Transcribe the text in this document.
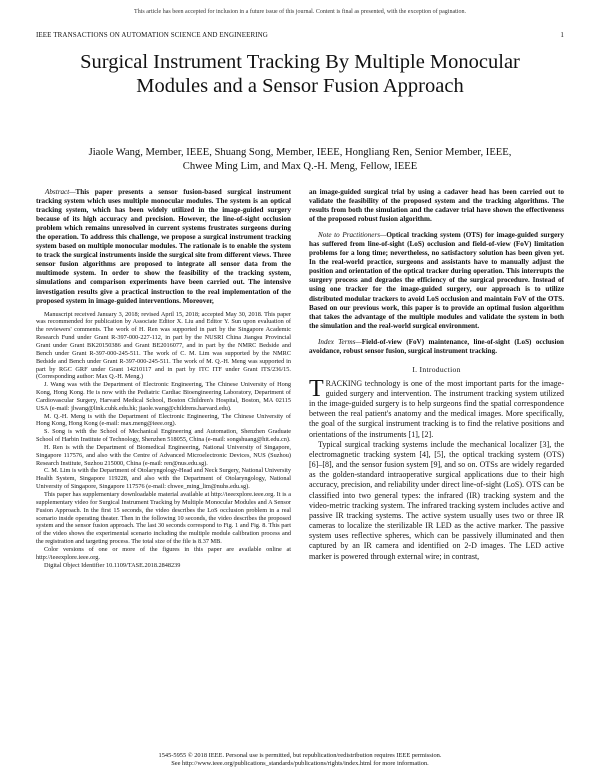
This article has been accepted for inclusion in a future issue of this journal. Content is final as presented, with the exception of pagination.
IEEE TRANSACTIONS ON AUTOMATION SCIENCE AND ENGINEERING	1
Surgical Instrument Tracking By Multiple Monocular Modules and a Sensor Fusion Approach
Jiaole Wang, Member, IEEE, Shuang Song, Member, IEEE, Hongliang Ren, Senior Member, IEEE,
Chwee Ming Lim, and Max Q.-H. Meng, Fellow, IEEE

Abstract—This paper presents a sensor fusion-based surgical instrument tracking system which uses multiple monocular modules. The system is an optical tracking system, which has been widely utilized in the image-guided surgery because of its high accuracy and precision. However, the line-of-sight occlusion problem which remains unresolved in current systems frustrates surgeons during the operation. To address this challenge, we propose a surgical instrument tracking system based on multiple monocular modules. The rationale is to enable the system to track the surgical instruments inside the surgical site from different views. Three sensor fusion algorithms are proposed to integrate all sensor data from the multimode system. In order to show the feasibility of the tracking system, simulations and comparison experiments have been carried out. The intensive investigation results give a practical instruction to the real implementation of the proposed system in image-guided interventions. Moreover,

Manuscript received January 3, 2018; revised April 15, 2018; accepted May 30, 2018. This paper was recommended for publication by Associate Editor X. Liu and Editor Y. Sun upon evaluation of the reviewers' comments. The work of H. Ren was supported in part by the Singapore Academic Research Fund under Grant R-397-000-227-112, in part by the NUSRI China Jiangsu Provincial Grant under Grant BK20150386 and Grant BE2016077, and in part by the NMRC Bedside and Bench under Grant R-397-000-245-511. The work of C. M. Lim was supported by the NMRC Bedside and Bench under Grant R-397-000-245-511. The work of M. Q.-H. Meng was supported in part by RGC GRF under Grant 14210117 and in part by ITC ITF under Grant ITS/236/15. (Corresponding author: Max Q.-H. Meng.)

J. Wang was with the Department of Electronic Engineering, The Chinese University of Hong Kong, Hong Kong. He is now with the Pediatric Cardiac Bioengineering Laboratory, Department of Cardiovascular Surgery, Harvard Medical School, Boston Children's Hospital, Boston, MA 02115 USA (e-mail: jlwang@link.cuhk.edu.hk; jiaole.wang@childrens.harvard.edu).

M. Q.-H. Meng is with the Department of Electronic Engineering, The Chinese University of Hong Kong, Hong Kong (e-mail: max.meng@ieee.org).

S. Song is with the School of Mechanical Engineering and Automation, Shenzhen Graduate School of Harbin Institute of Technology, Shenzhen 518055, China (e-mail: songshuang@hit.edu.cn).

H. Ren is with the Department of Biomedical Engineering, National University of Singapore, Singapore 117576, and also with the Centre of Advanced Microelectronic Devices, NUS (Suzhou) Research Institute, Suzhou 215000, China (e-mail: ren@nus.edu.sg).

C. M. Lim is with the Department of Otolaryngology-Head and Neck Surgery, National University Health System, Singapore 119228, and also with the Department of Otolaryngology, National University of Singapore, Singapore 117576 (e-mail: chwee_ming_lim@nuhs.edu.sg).

This paper has supplementary downloadable material available at http://ieeexplore.ieee.org. It is a supplementary video for Surgical Instrument Tracking by Multiple Monocular Modules and A Sensor Fusion Approach. In the first 15 seconds, the video describes the LoS occlusion problem in a real scenario inside operating theater. Then in the following 10 seconds, the video describes the proposed system and the sensor fusion approach. The last 30 seconds correspond to Fig. 1 and Fig. 8. This part of the video shows the experimental scenario including the multiple module calibration process and the registration and targeting process. The total size of the file is 8.37 MB.

Color versions of one or more of the figures in this paper are available online at http://ieeexplore.ieee.org.

Digital Object Identifier 10.1109/TASE.2018.2848239

an image-guided surgical trial by using a cadaver head has been carried out to validate the feasibility of the proposed system and the tracking algorithms. The results from both the simulation and the cadaver trial have shown the effectiveness of the proposed robust fusion algorithm.

Note to Practitioners—Optical tracking system (OTS) for image-guided surgery has suffered from line-of-sight (LoS) occlusion and field-of-view (FoV) limitation problems for a long time; nevertheless, no satisfactory solution has been given yet. In the real-world practice, surgeons and assistants have to manually adjust the position and orientation of the optical tracker during operation. This interrupts the surgery process and degrades the efficiency of the surgical procedure. Instead of using one tracker for the image-guided surgery, our approach is to utilize distributed modular trackers to avoid LoS occlusion and maintain FoV of the OTS. Based on our previous work, this paper is to provide an optimal fusion algorithm that takes the advantage of the multiple modules and validate the system in both the simulation and the real-world surgical environment.

Index Terms—Field-of-view (FoV) maintenance, line-of-sight (LoS) occlusion avoidance, robust sensor fusion, surgical instrument tracking.

I. Introduction

TRACKING technology is one of the most important parts for the image-guided surgery and intervention. The instrument tracking system utilized in the image-guided surgery is to help surgeons find the spatial correspondence between the real patient's anatomy and the medical images. More specifically, the goal of the surgical instrument tracking is to find the relative positions and orientations of the instruments [1], [2].

Typical surgical tracking systems include the mechanical localizer [3], the electromagnetic tracking system [4], [5], the optical tracking system (OTS) [6]–[8], and the sensor fusion system [9], and so on. OTSs are widely regarded as the golden-standard intraoperative surgical applications due to their high accuracy, precision, and reliability under direct line-of-sight (LoS). OTS can be classified into two general types: the infrared (IR) tracking system and the video-metric tracking system. The infrared tracking system includes active and passive IR tracking systems. The active system usually uses two or three IR cameras to localize the sterilizable IR LED as the active marker. The passive system uses reflective spheres, which can be passively illuminated and then captured by an IR camera and identified on 2-D images. The LED active marker is powered through external wire; in contrast,

1545-5955 © 2018 IEEE. Personal use is permitted, but republication/redistribution requires IEEE permission.
See http://www.ieee.org/publications_standards/publications/rights/index.html for more information.
